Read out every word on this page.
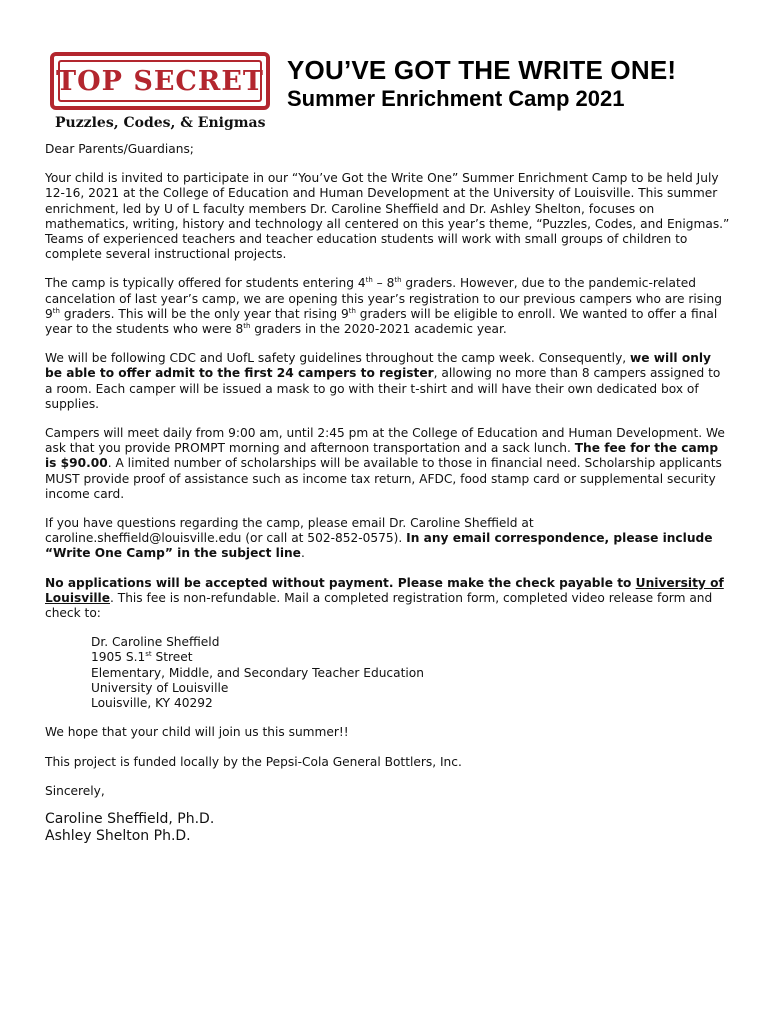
TOP SECRET
Puzzles, Codes, & Enigmas
YOU’VE GOT THE WRITE ONE!
Summer Enrichment Camp 2021

Dear Parents/Guardians;

Your child is invited to participate in our “You’ve Got the Write One” Summer Enrichment Camp to be held July 12-16, 2021 at the College of Education and Human Development at the University of Louisville. This summer enrichment, led by U of L faculty members Dr. Caroline Sheffield and Dr. Ashley Shelton, focuses on mathematics, writing, history and technology all centered on this year’s theme, “Puzzles, Codes, and Enigmas.” Teams of experienced teachers and teacher education students will work with small groups of children to complete several instructional projects.

The camp is typically offered for students entering 4th – 8th graders. However, due to the pandemic-related cancelation of last year’s camp, we are opening this year’s registration to our previous campers who are rising 9th graders. This will be the only year that rising 9th graders will be eligible to enroll. We wanted to offer a final year to the students who were 8th graders in the 2020-2021 academic year.

We will be following CDC and UofL safety guidelines throughout the camp week. Consequently, we will only be able to offer admit to the first 24 campers to register, allowing no more than 8 campers assigned to a room. Each camper will be issued a mask to go with their t-shirt and will have their own dedicated box of supplies.

Campers will meet daily from 9:00 am, until 2:45 pm at the College of Education and Human Development. We ask that you provide PROMPT morning and afternoon transportation and a sack lunch. The fee for the camp is $90.00. A limited number of scholarships will be available to those in financial need. Scholarship applicants MUST provide proof of assistance such as income tax return, AFDC, food stamp card or supplemental security income card.

If you have questions regarding the camp, please email Dr. Caroline Sheffield at caroline.sheffield@louisville.edu (or call at 502-852-0575). In any email correspondence, please include “Write One Camp” in the subject line.

No applications will be accepted without payment. Please make the check payable to University of Louisville. This fee is non-refundable. Mail a completed registration form, completed video release form and check to:

Dr. Caroline Sheffield
1905 S.1st Street
Elementary, Middle, and Secondary Teacher Education
University of Louisville
Louisville, KY 40292

We hope that your child will join us this summer!!

This project is funded locally by the Pepsi-Cola General Bottlers, Inc.

Sincerely,

Caroline Sheffield, Ph.D.
Ashley Shelton Ph.D.
